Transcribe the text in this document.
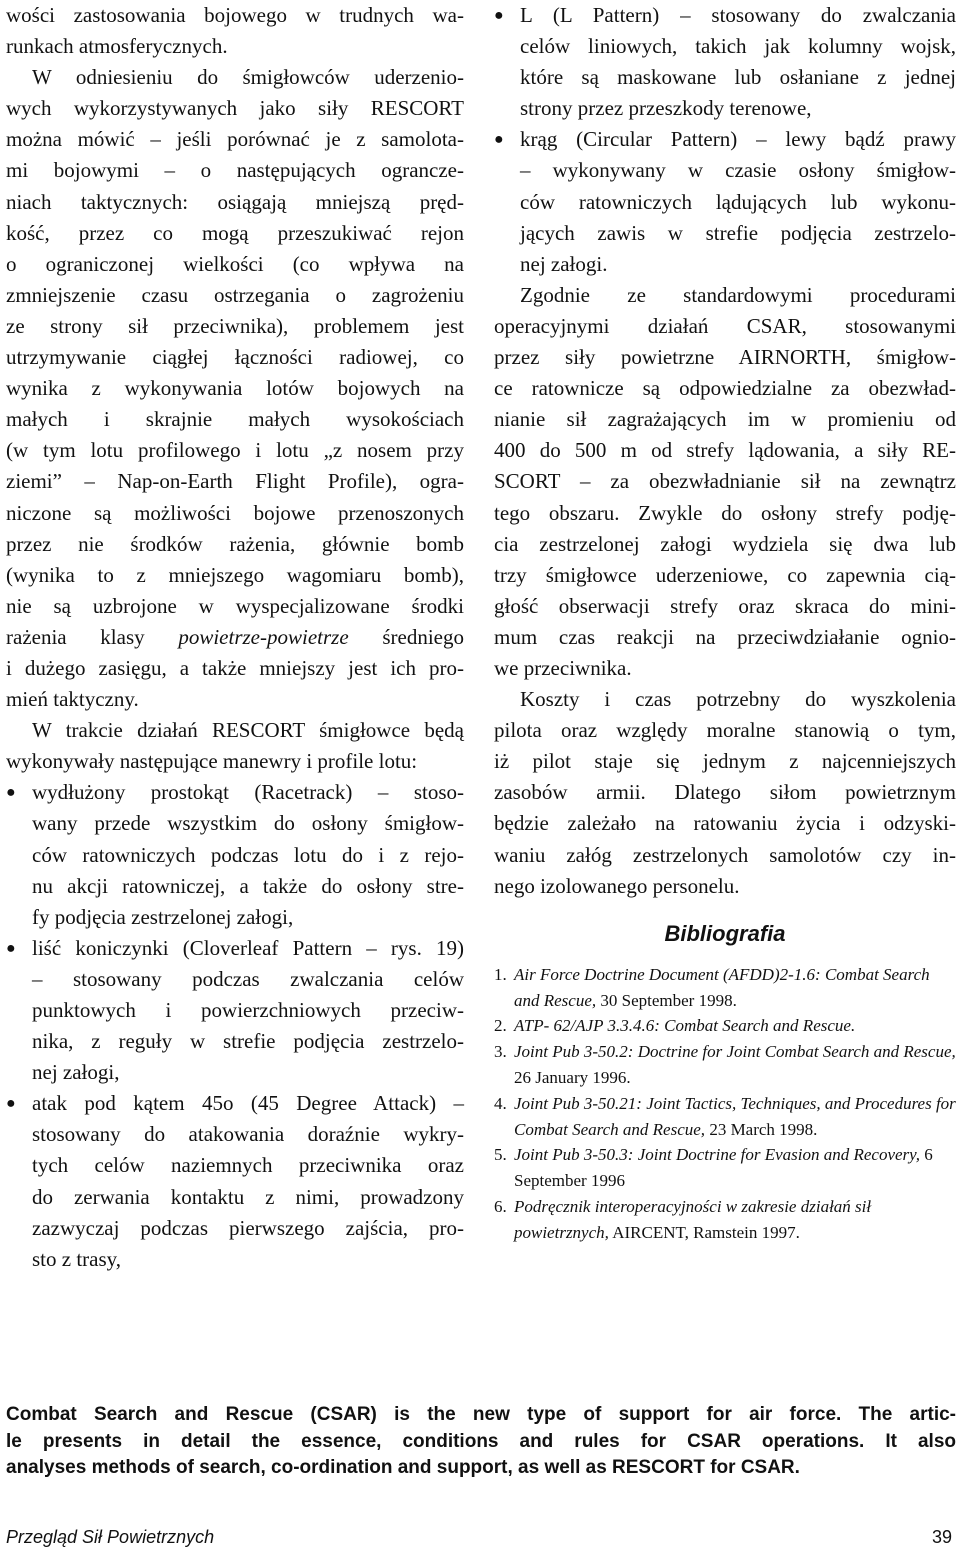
wości zastosowania bojowego w trudnych wa-
runkach atmosferycznych.
W odniesieniu do śmigłowców uderzenio-
wych wykorzystywanych jako siły RESCORT
można mówić – jeśli porównać je z samolota-
mi bojowymi – o następujących ograncze-
niach taktycznych: osiągają mniejszą pręd-
kość, przez co mogą przeszukiwać rejon
o ograniczonej wielkości (co wpływa na
zmniejszenie czasu ostrzegania o zagrożeniu
ze strony sił przeciwnika), problemem jest
utrzymywanie ciągłej łączności radiowej, co
wynika z wykonywania lotów bojowych na
małych i skrajnie małych wysokościach
(w tym lotu profilowego i lotu „z nosem przy
ziemi” – Nap-on-Earth Flight Profile), ogra-
niczone są możliwości bojowe przenoszonych
przez nie środków rażenia, głównie bomb
(wynika to z mniejszego wagomiaru bomb),
nie są uzbrojone w wyspecjalizowane środki
rażenia klasy powietrze-powietrze średniego
i dużego zasięgu, a także mniejszy jest ich pro-
mień taktyczny.
W trakcie działań RESCORT śmigłowce będą
wykonywały następujące manewry i profile lotu:
● wydłużony prostokąt (Racetrack) – stoso-
wany przede wszystkim do osłony śmigłow-
ców ratowniczych podczas lotu do i z rejo-
nu akcji ratowniczej, a także do osłony stre-
fy podjęcia zestrzelonej załogi,
● liść koniczynki (Cloverleaf Pattern – rys. 19)
– stosowany podczas zwalczania celów
punktowych i powierzchniowych przeciw-
nika, z reguły w strefie podjęcia zestrzelo-
nej załogi,
● atak pod kątem 45o (45 Degree Attack) –
stosowany do atakowania doraźnie wykry-
tych celów naziemnych przeciwnika oraz
do zerwania kontaktu z nimi, prowadzony
zazwyczaj podczas pierwszego zajścia, pro-
sto z trasy,
● L (L Pattern) – stosowany do zwalczania
celów liniowych, takich jak kolumny wojsk,
które są maskowane lub osłaniane z jednej
strony przez przeszkody terenowe,
● krąg (Circular Pattern) – lewy bądź prawy
– wykonywany w czasie osłony śmigłow-
ców ratowniczych lądujących lub wykonu-
jących zawis w strefie podjęcia zestrzelo-
nej załogi.
Zgodnie ze standardowymi procedurami
operacyjnymi działań CSAR, stosowanymi
przez siły powietrzne AIRNORTH, śmigłow-
ce ratownicze są odpowiedzialne za obezwład-
nianie sił zagrażających im w promieniu od
400 do 500 m od strefy lądowania, a siły RE-
SCORT – za obezwładnianie sił na zewnątrz
tego obszaru. Zwykle do osłony strefy podję-
cia zestrzelonej załogi wydziela się dwa lub
trzy śmigłowce uderzeniowe, co zapewnia cią-
głość obserwacji strefy oraz skraca do mini-
mum czas reakcji na przeciwdziałanie ognio-
we przeciwnika.
Koszty i czas potrzebny do wyszkolenia
pilota oraz względy moralne stanowią o tym,
iż pilot staje się jednym z najcenniejszych
zasobów armii. Dlatego siłom powietrznym
będzie zależało na ratowaniu życia i odzyski-
waniu załóg zestrzelonych samolotów czy in-
nego izolowanego personelu.
Bibliografia
1. Air Force Doctrine Document (AFDD)2-1.6: Combat Search and Rescue, 30 September 1998.
2. ATP- 62/AJP 3.3.4.6: Combat Search and Rescue.
3. Joint Pub 3-50.2: Doctrine for Joint Combat Search and Rescue, 26 January 1996.
4. Joint Pub 3-50.21: Joint Tactics, Techniques, and Procedures for Combat Search and Rescue, 23 March 1998.
5. Joint Pub 3-50.3: Joint Doctrine for Evasion and Recovery, 6 September 1996
6. Podręcznik interoperacyjności w zakresie działań sił powietrznych, AIRCENT, Ramstein 1997.
Combat Search and Rescue (CSAR) is the new type of support for air force. The artic-
le presents in detail the essence, conditions and rules for CSAR operations. It also
analyses methods of search, co-ordination and support, as well as RESCORT for CSAR.
Przegląd Sił Powietrznych	39
